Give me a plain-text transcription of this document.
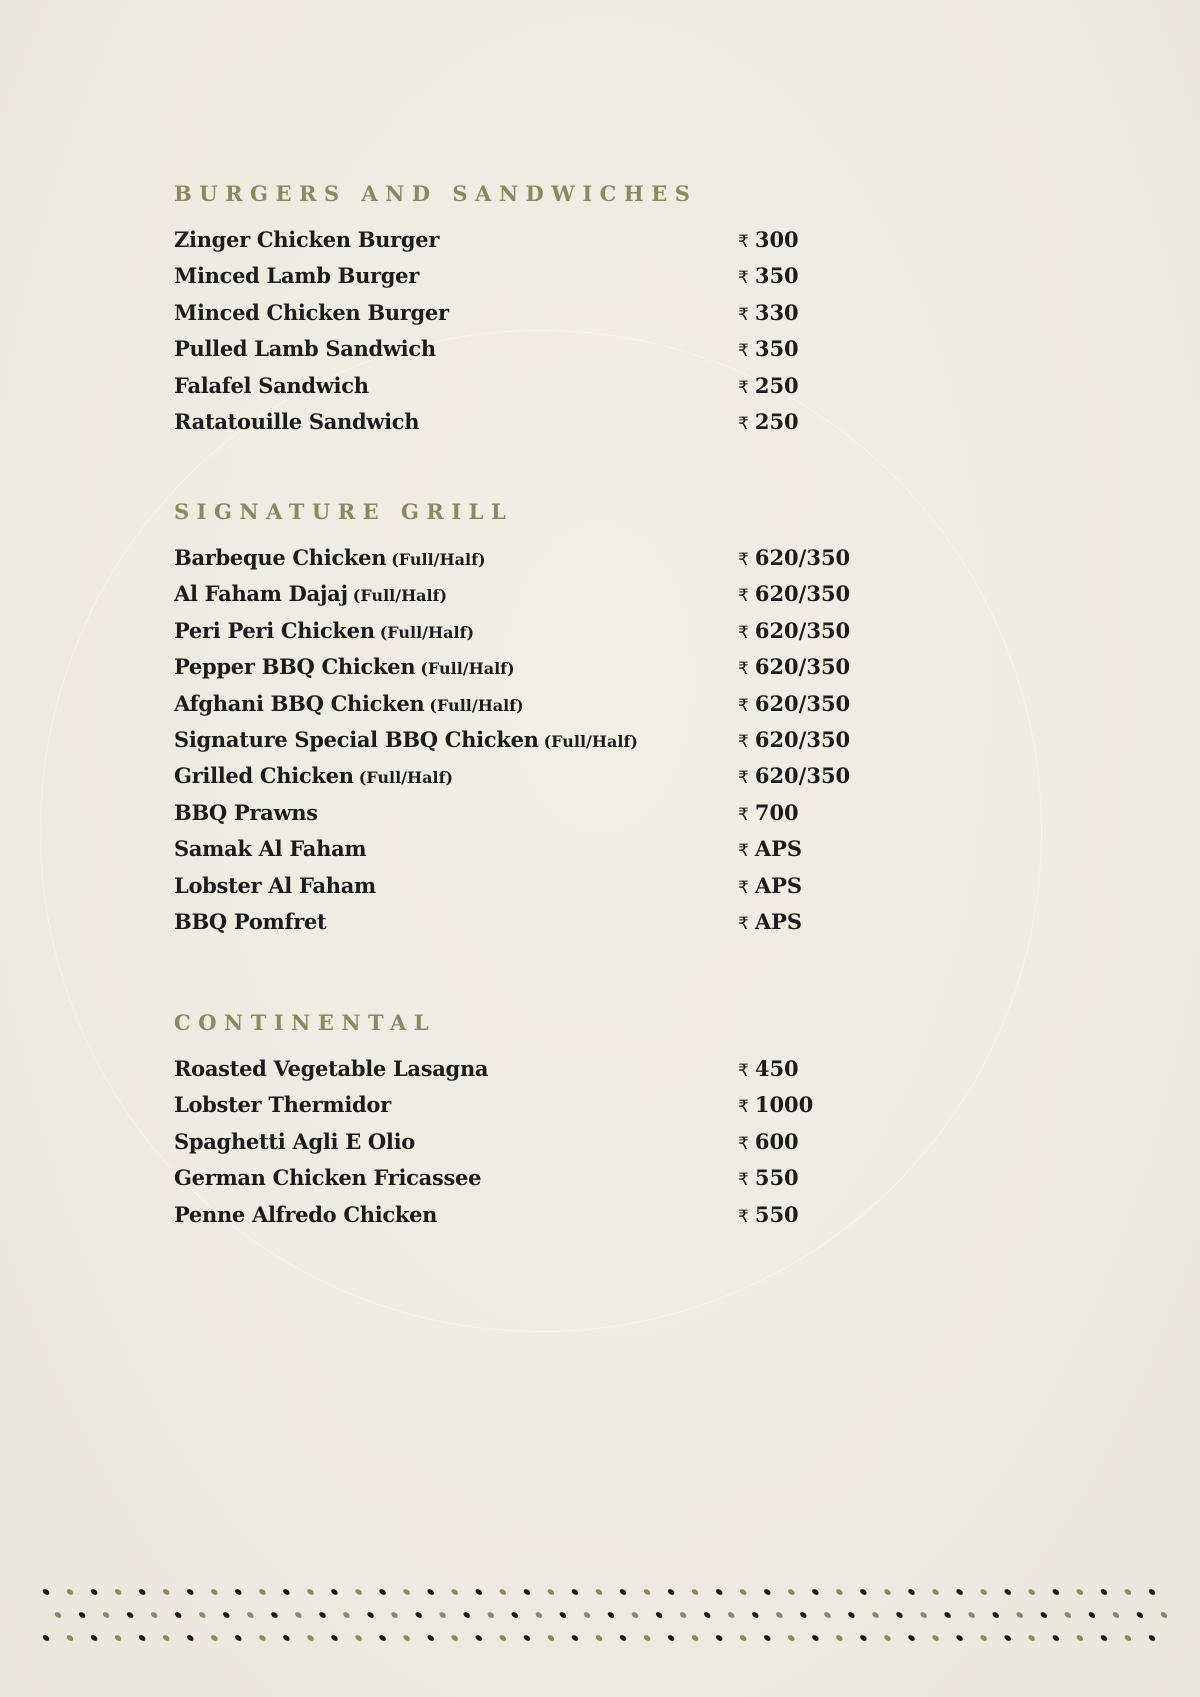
BURGERS AND SANDWICHES
Zinger Chicken Burger	₹ 300
Minced Lamb Burger	₹ 350
Minced Chicken Burger	₹ 330
Pulled Lamb Sandwich	₹ 350
Falafel Sandwich	₹ 250
Ratatouille Sandwich	₹ 250
SIGNATURE GRILL
Barbeque Chicken (Full/Half)	₹ 620/350
Al Faham Dajaj (Full/Half)	₹ 620/350
Peri Peri Chicken (Full/Half)	₹ 620/350
Pepper BBQ Chicken (Full/Half)	₹ 620/350
Afghani BBQ Chicken (Full/Half)	₹ 620/350
Signature Special BBQ Chicken (Full/Half)	₹ 620/350
Grilled Chicken (Full/Half)	₹ 620/350
BBQ Prawns	₹ 700
Samak Al Faham	₹ APS
Lobster Al Faham	₹ APS
BBQ Pomfret	₹ APS
CONTINENTAL
Roasted Vegetable Lasagna	₹ 450
Lobster Thermidor	₹ 1000
Spaghetti Agli E Olio	₹ 600
German Chicken Fricassee	₹ 550
Penne Alfredo Chicken	₹ 550
